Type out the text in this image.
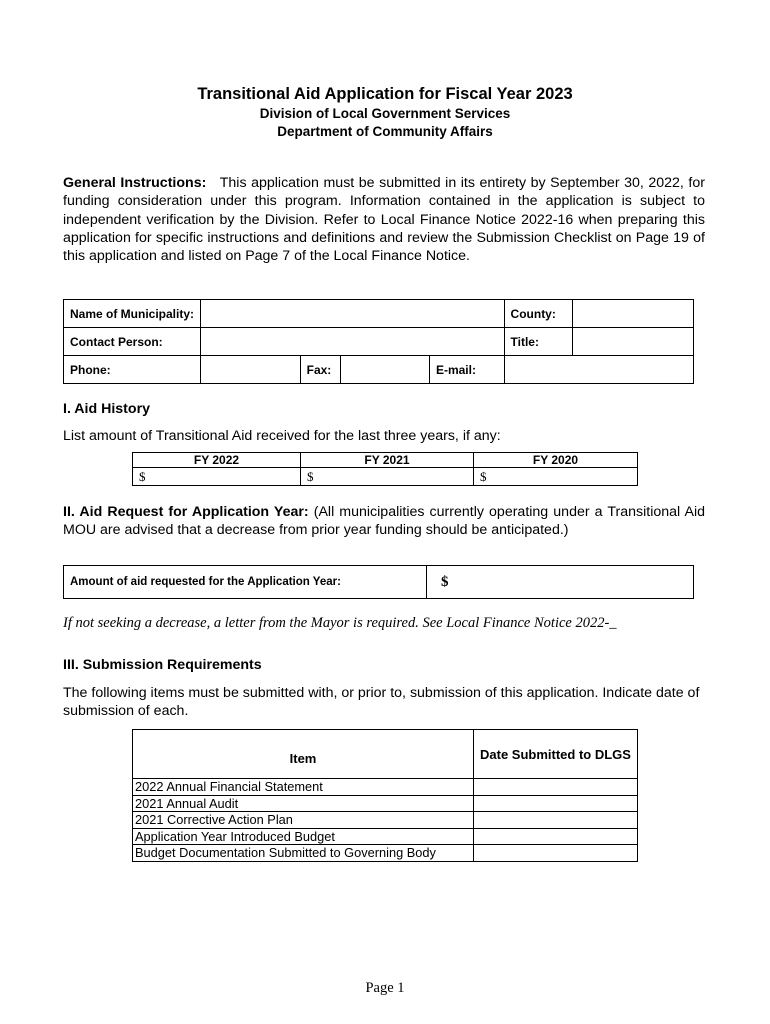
Transitional Aid Application for Fiscal Year 2023
Division of Local Government Services
Department of Community Affairs
General Instructions: This application must be submitted in its entirety by September 30, 2022, for funding consideration under this program. Information contained in the application is subject to independent verification by the Division. Refer to Local Finance Notice 2022-16 when preparing this application for specific instructions and definitions and review the Submission Checklist on Page 19 of this application and listed on Page 7 of the Local Finance Notice.
Name of Municipality:					County:	
Contact Person:					Title:	
Phone:		Fax:		E-mail:		
I. Aid History
List amount of Transitional Aid received for the last three years, if any:
FY 2022	FY 2021	FY 2020
$	$	$
II. Aid Request for Application Year: (All municipalities currently operating under a Transitional Aid MOU are advised that a decrease from prior year funding should be anticipated.)
Amount of aid requested for the Application Year:	$
If not seeking a decrease, a letter from the Mayor is required. See Local Finance Notice 2022-_
III. Submission Requirements
The following items must be submitted with, or prior to, submission of this application. Indicate date of submission of each.
Item	Date Submitted to DLGS
2022 Annual Financial Statement	
2021 Annual Audit	
2021 Corrective Action Plan	
Application Year Introduced Budget	
Budget Documentation Submitted to Governing Body	
Page 1
